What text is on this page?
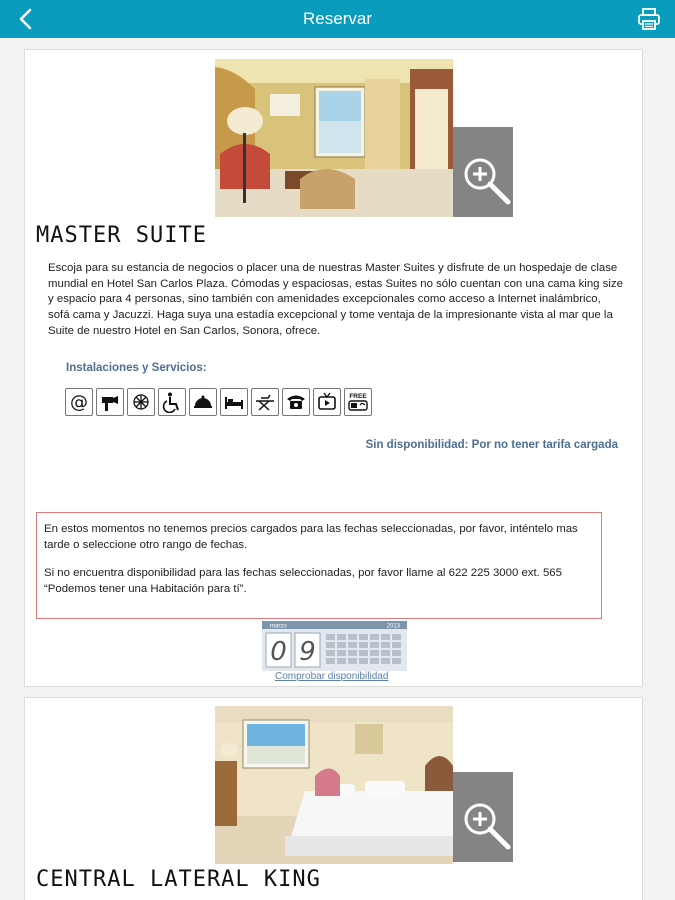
Reservar
MASTER SUITE
Escoja para su estancia de negocios o placer una de nuestras Master Suites y disfrute de un hospedaje de clase mundial en Hotel San Carlos Plaza. Cómodas y espaciosas, estas Suites no sólo cuentan con una cama king size y espacio para 4 personas, sino también con amenidades excepcionales como acceso a Internet inalámbrico, sofá cama y Jacuzzi. Haga suya una estadía excepcional y tome ventaja de la impresionante vista al mar que la Suite de nuestro Hotel en San Carlos, Sonora, ofrece.
Instalaciones y Servicios:
@	FREE
Sin disponibilidad: Por no tener tarifa cargada

En estos momentos no tenemos precios cargados para las fechas seleccionadas, por favor, inténtelo mas tarde o seleccione otro rango de fechas.

Si no encuentra disponibilidad para las fechas seleccionadas, por favor llame al 622 225 3000 ext. 565 “Podemos tener una Habitación para tí”.

marzo	2013
0 9
Comprobar disponibilidad
CENTRAL LATERAL KING
